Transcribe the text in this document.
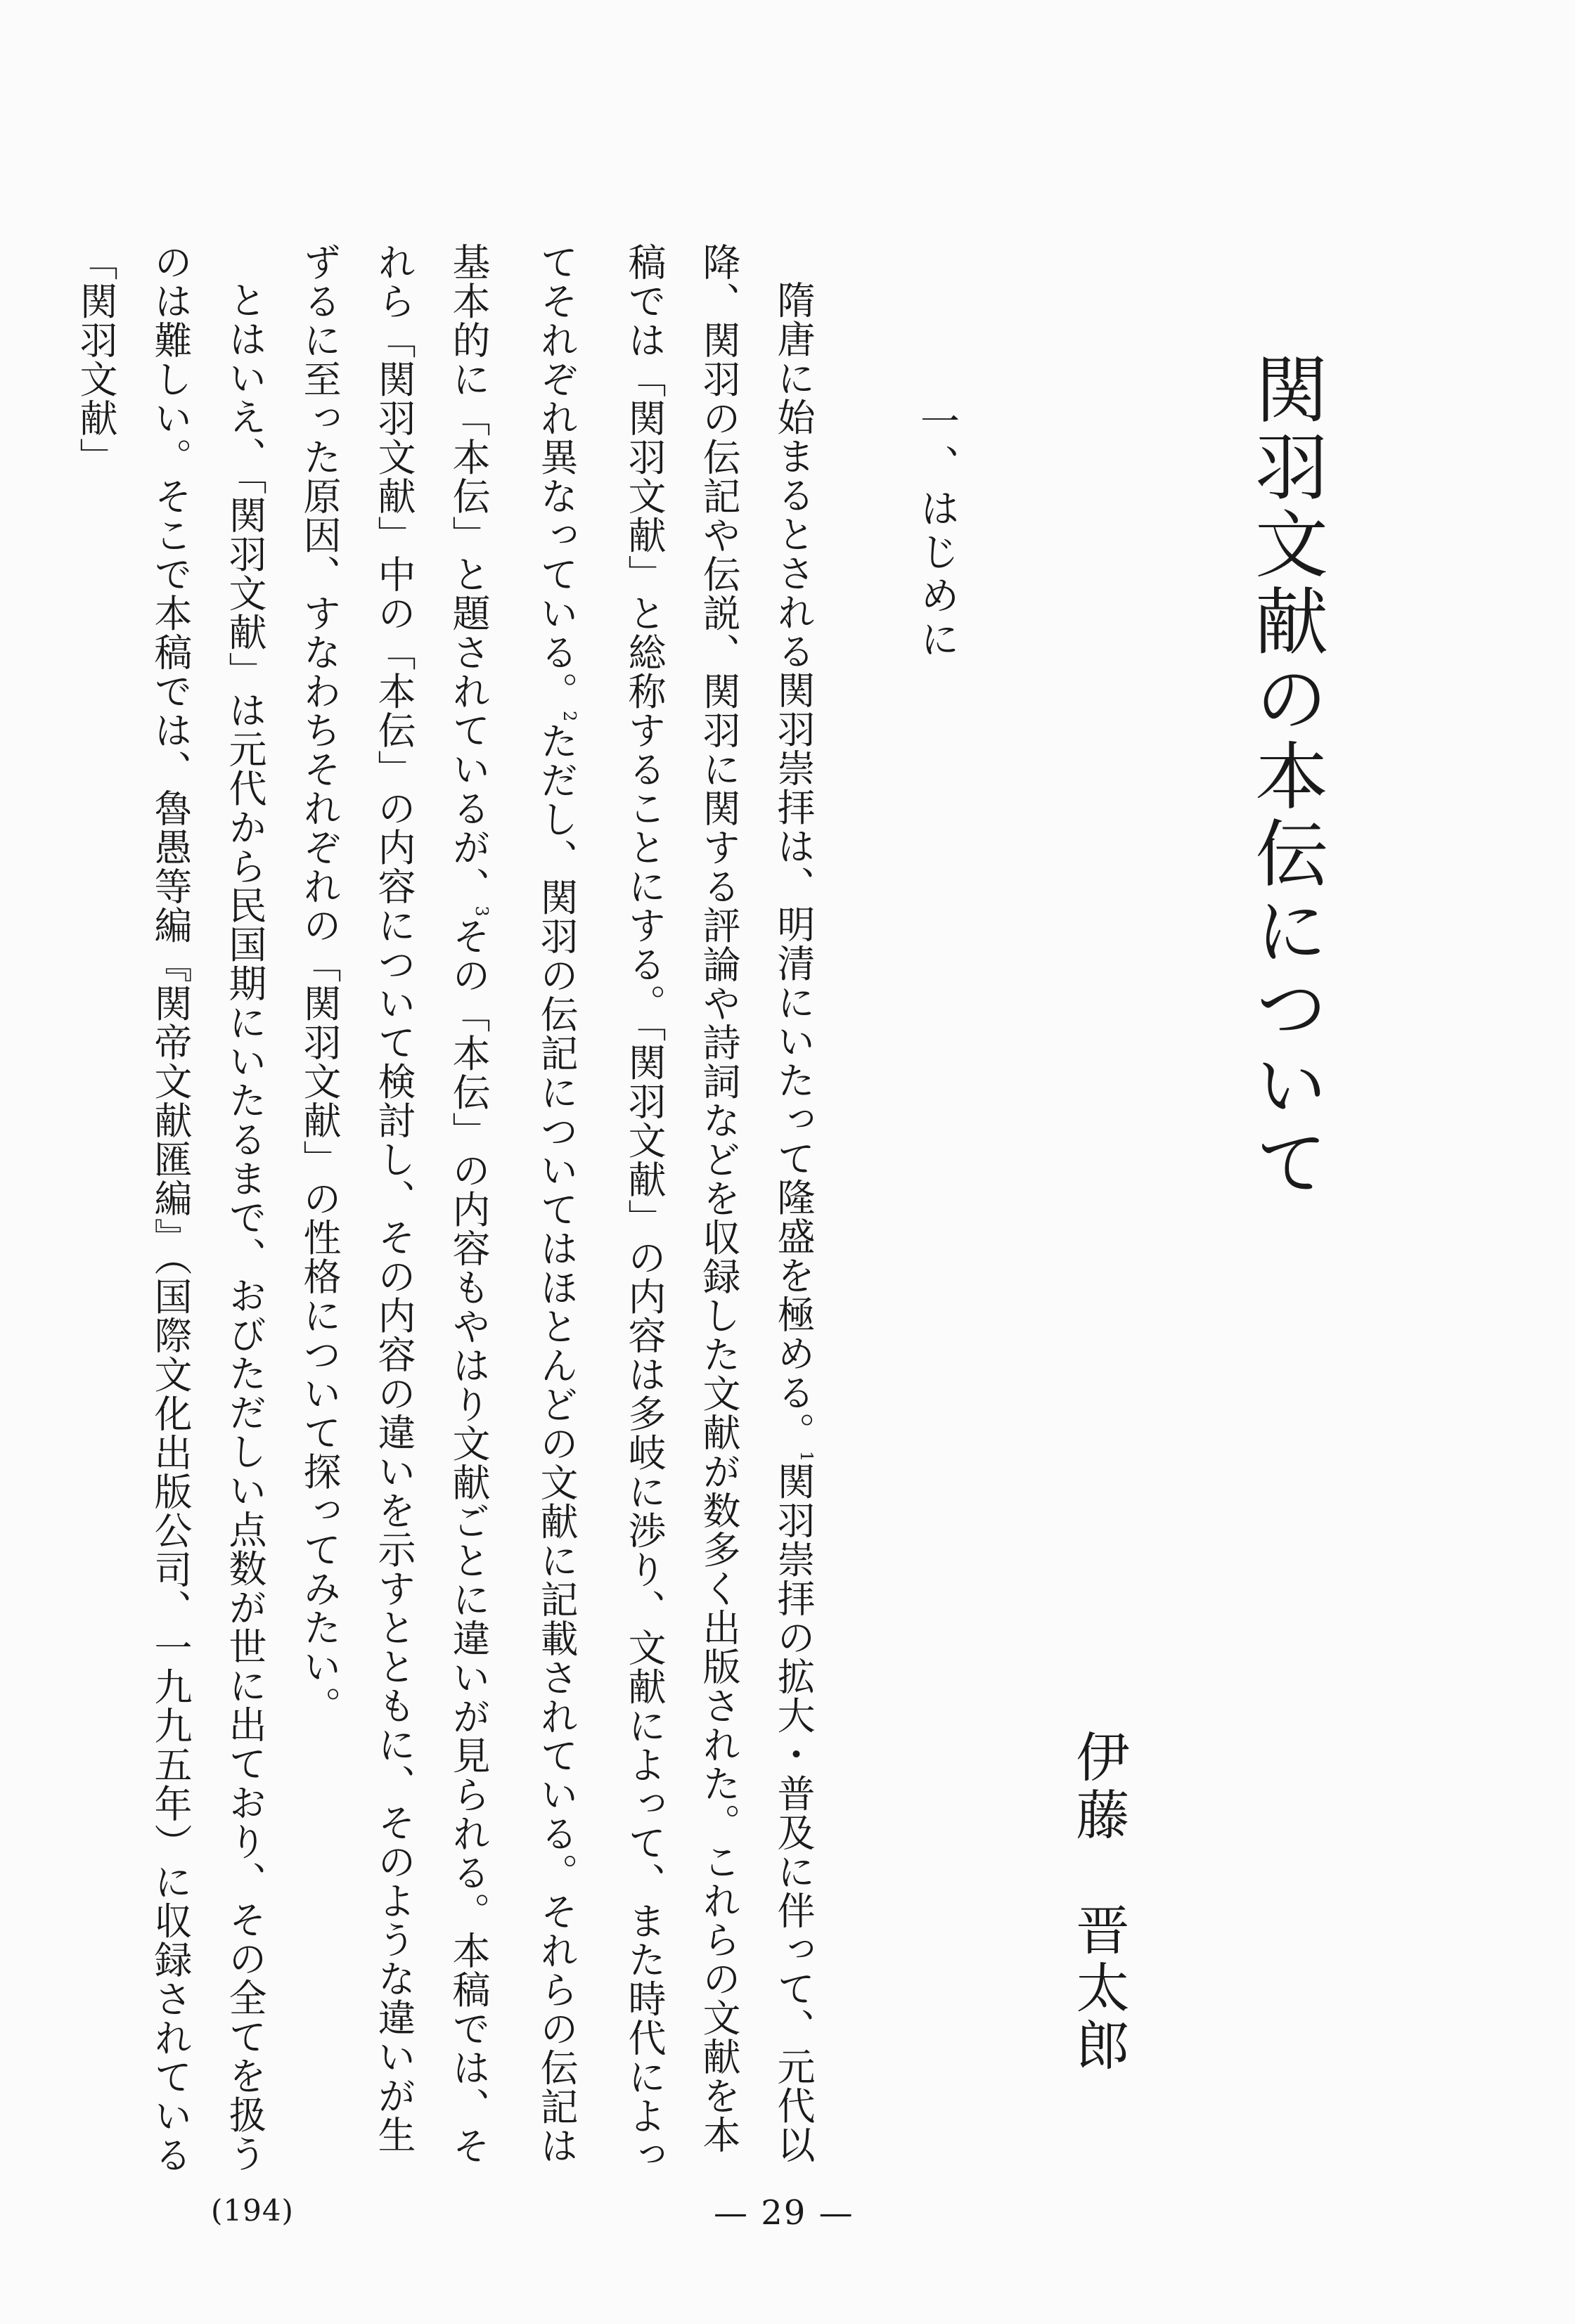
関羽文献の本伝について
伊藤　晋太郎
一、はじめに

隋唐に始まるとされる関羽崇拝は、明清にいたって隆盛を極める。$^1$関羽崇拝の拡大・普及に伴って、元代以降、関羽の伝記や伝説、関羽に関する評論や詩詞などを収録した文献が数多く出版された。これらの文献を本稿では「関羽文献」と総称することにする。「関羽文献」の内容は多岐に渉り、文献によって、また時代によってそれぞれ異なっている。$^2$ただし、関羽の伝記についてはほとんどの文献に記載されている。それらの伝記は基本的に「本伝」と題されているが、$^3$その「本伝」の内容もやはり文献ごとに違いが見られる。本稿では、それら「関羽文献」中の「本伝」の内容について検討し、その内容の違いを示すとともに、そのような違いが生ずるに至った原因、すなわちそれぞれの「関羽文献」の性格について探ってみたい。

とはいえ、「関羽文献」は元代から民国期にいたるまで、おびただしい点数が世に出ており、その全てを扱うのは難しい。そこで本稿では、魯愚等編『関帝文献匯編』（国際文化出版公司、一九九五年）に収録されている「関羽文献」

— 29 —
(194)
